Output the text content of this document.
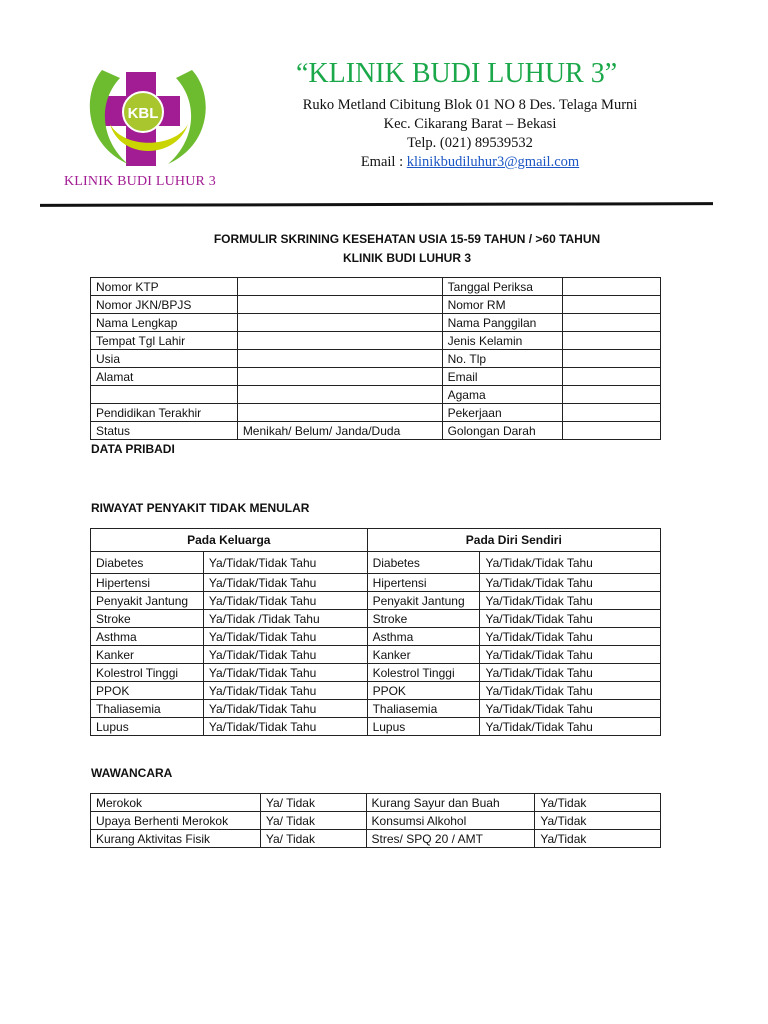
KBL
KLINIK BUDI LUHUR 3
“KLINIK BUDI LUHUR 3”
Ruko Metland Cibitung Blok 01 NO 8 Des. Telaga Murni
Kec. Cikarang Barat – Bekasi
Telp. (021) 89539532
Email : klinikbudiluhur3@gmail.com
FORMULIR SKRINING KESEHATAN USIA 15-59 TAHUN / >60 TAHUN
KLINIK BUDI LUHUR 3
Nomor KTP		Tanggal Periksa	
Nomor JKN/BPJS		Nomor RM	
Nama Lengkap		Nama Panggilan	
Tempat Tgl Lahir		Jenis Kelamin	
Usia		No. Tlp	
Alamat		Email	
		Agama	
Pendidikan Terakhir		Pekerjaan	
Status	Menikah/ Belum/ Janda/Duda	Golongan Darah	
DATA PRIBADI
RIWAYAT PENYAKIT TIDAK MENULAR
Pada Keluarga		Pada Diri Sendiri	
Diabetes	Ya/Tidak/Tidak Tahu	Diabetes	Ya/Tidak/Tidak Tahu
Hipertensi	Ya/Tidak/Tidak Tahu	Hipertensi	Ya/Tidak/Tidak Tahu
Penyakit Jantung	Ya/Tidak/Tidak Tahu	Penyakit Jantung	Ya/Tidak/Tidak Tahu
Stroke	Ya/Tidak /Tidak Tahu	Stroke	Ya/Tidak/Tidak Tahu
Asthma	Ya/Tidak/Tidak Tahu	Asthma	Ya/Tidak/Tidak Tahu
Kanker	Ya/Tidak/Tidak Tahu	Kanker	Ya/Tidak/Tidak Tahu
Kolestrol Tinggi	Ya/Tidak/Tidak Tahu	Kolestrol Tinggi	Ya/Tidak/Tidak Tahu
PPOK	Ya/Tidak/Tidak Tahu	PPOK	Ya/Tidak/Tidak Tahu
Thaliasemia	Ya/Tidak/Tidak Tahu	Thaliasemia	Ya/Tidak/Tidak Tahu
Lupus	Ya/Tidak/Tidak Tahu	Lupus	Ya/Tidak/Tidak Tahu
WAWANCARA
Merokok	Ya/ Tidak	Kurang Sayur dan Buah	Ya/Tidak
Upaya Berhenti Merokok	Ya/ Tidak	Konsumsi Alkohol	Ya/Tidak
Kurang Aktivitas Fisik	Ya/ Tidak	Stres/ SPQ 20 / AMT	Ya/Tidak
